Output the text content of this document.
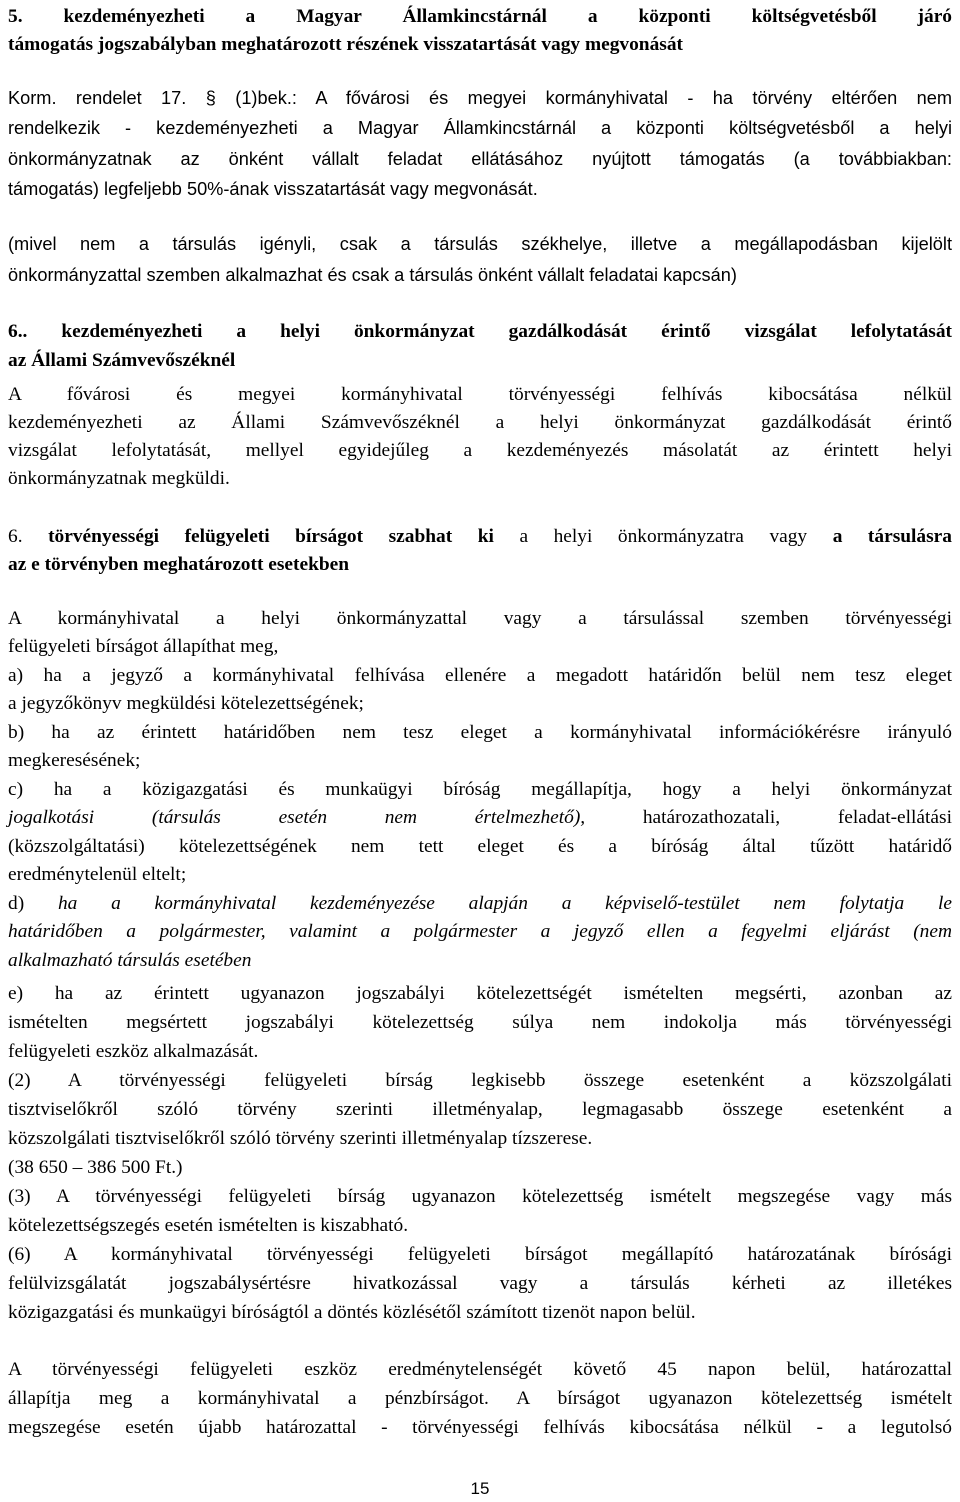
5. kezdeményezheti a Magyar Államkincstárnál a központi költségvetésből járó
támogatás jogszabályban meghatározott részének visszatartását vagy megvonását
Korm. rendelet 17. § (1)bek.: A fővárosi és megyei kormányhivatal - ha törvény eltérően nem
rendelkezik - kezdeményezheti a Magyar Államkincstárnál a központi költségvetésből a helyi
önkormányzatnak az önként vállalt feladat ellátásához nyújtott támogatás (a továbbiakban:
támogatás) legfeljebb 50%-ának visszatartását vagy megvonását.
(mivel nem a társulás igényli, csak a társulás székhelye, illetve a megállapodásban kijelölt
önkormányzattal szemben alkalmazhat és csak a társulás önként vállalt feladatai kapcsán)
6.. kezdeményezheti a helyi önkormányzat gazdálkodását érintő vizsgálat lefolytatását
az Állami Számvevőszéknél
A fővárosi és megyei kormányhivatal törvényességi felhívás kibocsátása nélkül
kezdeményezheti az Állami Számvevőszéknél a helyi önkormányzat gazdálkodását érintő
vizsgálat lefolytatását, mellyel egyidejűleg a kezdeményezés másolatát az érintett helyi
önkormányzatnak megküldi.
6. törvényességi felügyeleti bírságot szabhat ki a helyi önkormányzatra vagy a társulásra
az e törvényben meghatározott esetekben
A kormányhivatal a helyi önkormányzattal vagy a társulással szemben törvényességi
felügyeleti bírságot állapíthat meg,
a) ha a jegyző a kormányhivatal felhívása ellenére a megadott határidőn belül nem tesz eleget
a jegyzőkönyv megküldési kötelezettségének;
b) ha az érintett határidőben nem tesz eleget a kormányhivatal információkérésre irányuló
megkeresésének;
c) ha a közigazgatási és munkaügyi bíróság megállapítja, hogy a helyi önkormányzat
jogalkotási (társulás esetén nem értelmezhető),	határozathozatali, feladat-ellátási
(közszolgáltatási) kötelezettségének nem tett eleget és a bíróság által tűzött határidő
eredménytelenül eltelt;
d) ha a kormányhivatal kezdeményezése alapján a képviselő-testület nem folytatja le
határidőben a polgármester, valamint a polgármester a jegyző ellen a fegyelmi eljárást (nem
alkalmazható társulás esetében
e) ha az érintett ugyanazon jogszabályi kötelezettségét ismételten megsérti, azonban az
ismételten megsértett jogszabályi kötelezettség súlya nem indokolja más törvényességi
felügyeleti eszköz alkalmazását.
(2) A törvényességi felügyeleti bírság legkisebb összege esetenként a közszolgálati
tisztviselőkről szóló törvény szerinti illetményalap, legmagasabb összege esetenként a
közszolgálati tisztviselőkről szóló törvény szerinti illetményalap tízszerese.
(38 650 – 386 500 Ft.)
(3) A törvényességi felügyeleti bírság ugyanazon kötelezettség ismételt megszegése vagy más
kötelezettségszegés esetén ismételten is kiszabható.
(6) A kormányhivatal törvényességi felügyeleti bírságot megállapító határozatának bírósági
felülvizsgálatát jogszabálysértésre hivatkozással vagy a társulás kérheti az illetékes
közigazgatási és munkaügyi bíróságtól a döntés közlésétől számított tizenöt napon belül.
A törvényességi felügyeleti eszköz eredménytelenségét követő 45 napon belül, határozattal
állapítja meg a kormányhivatal a pénzbírságot. A bírságot ugyanazon kötelezettség ismételt
megszegése esetén újabb határozattal - törvényességi felhívás kibocsátása nélkül - a legutolsó
15
